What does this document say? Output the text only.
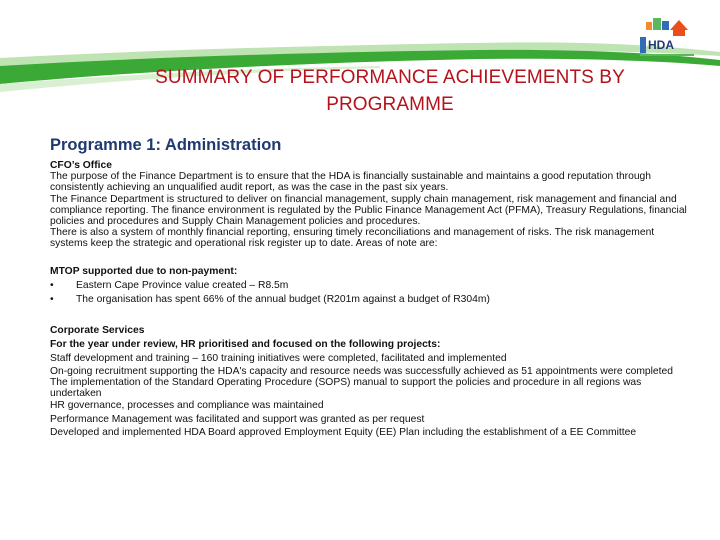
HDA
SUMMARY OF PERFORMANCE ACHIEVEMENTS BY
PROGRAMME
Programme 1: Administration
CFO’s Office
The purpose of the Finance Department is to ensure that the HDA is financially sustainable and maintains a good reputation through consistently achieving an unqualified audit report, as was the case in the past six years.
The Finance Department is structured to deliver on financial management, supply chain management, risk management and financial and compliance reporting. The finance environment is regulated by the Public Finance Management Act (PFMA), Treasury Regulations, financial policies and procedures and Supply Chain Management policies and procedures.
There is also a system of monthly financial reporting, ensuring timely reconciliations and management of risks. The risk management systems keep the strategic and operational risk register up to date. Areas of note are:
MTOP supported due to non-payment:
•	Eastern Cape Province value created – R8.5m
•	The organisation has spent 66% of the annual budget (R201m against a budget of R304m)
Corporate Services
For the year under review, HR prioritised and focused on the following projects:
Staff development and training – 160 training initiatives were completed, facilitated and implemented
On-going recruitment supporting the HDA's capacity and resource needs was successfully achieved as 51 appointments were completed
The implementation of the Standard Operating Procedure (SOPS) manual to support the policies and procedure in all regions was undertaken
HR governance, processes and compliance was maintained
Performance Management was facilitated and support was granted as per request
Developed and implemented HDA Board approved Employment Equity (EE) Plan including the establishment of a EE Committee
